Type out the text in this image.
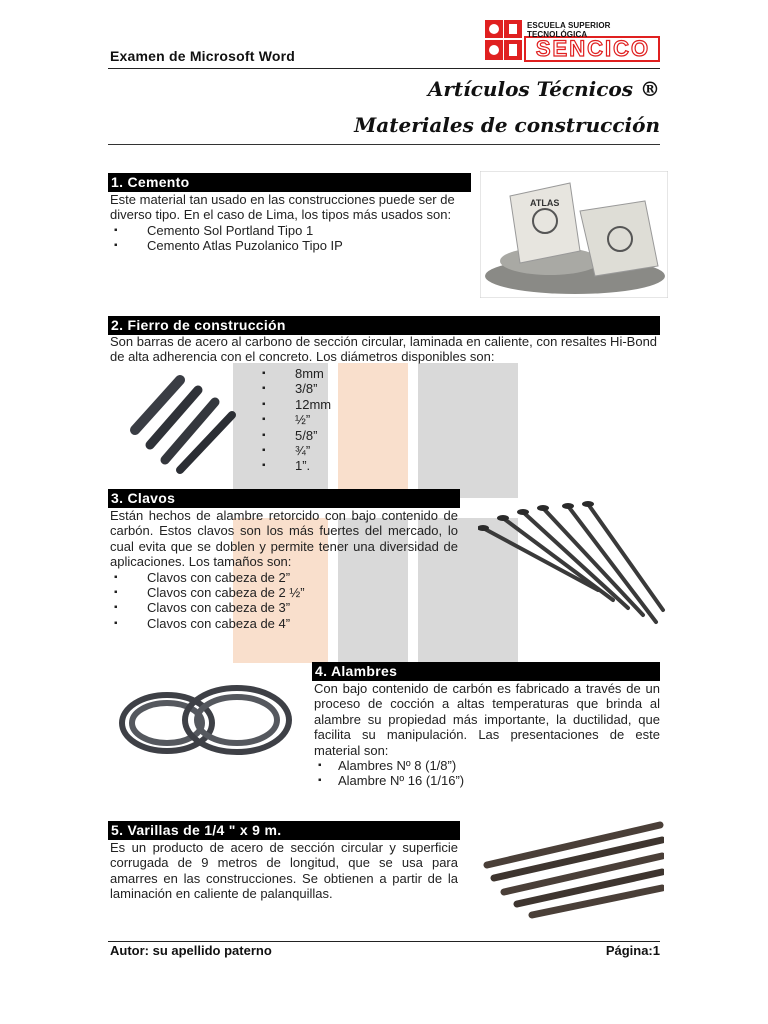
Examen de Microsoft Word
ESCUELA SUPERIOR TECNOLÓGICA
SENCICO
Artículos Técnicos ®
Materiales de construcción
1. Cemento

Este material tan usado en las construcciones puede ser de diverso tipo. En el caso de Lima, los tipos más usados son:

▪ Cemento Sol Portland Tipo 1
▪ Cemento Atlas Puzolanico Tipo IP
ATLAS
2. Fierro de construcción

Son barras de acero al carbono de sección circular, laminada en caliente, con resaltes Hi-Bond de alta adherencia con el concreto. Los diámetros disponibles son:

▪ 8mm
▪ 3/8”
▪ 12mm
▪ ½”
▪ 5/8”
▪ ¾”
▪ 1”.
3. Clavos

Están hechos de alambre retorcido con bajo contenido de carbón. Estos clavos son los más fuertes del mercado, lo cual evita que se doblen y permite tener una diversidad de aplicaciones. Los tamaños son:

▪ Clavos con cabeza de 2”
▪ Clavos con cabeza de 2 ½”
▪ Clavos con cabeza de 3”
▪ Clavos con cabeza de 4”
4. Alambres

Con bajo contenido de carbón es fabricado a través de un proceso de cocción a altas temperaturas que brinda al alambre su propiedad más importante, la ductilidad, que facilita su manipulación. Las presentaciones de este material son:

▪ Alambres Nº 8 (1/8”)
▪ Alambre Nº 16 (1/16”)
5. Varillas de 1/4 " x 9 m.

Es un producto de acero de sección circular y superficie corrugada de 9 metros de longitud, que se usa para amarres en las construcciones. Se obtienen a partir de la laminación en caliente de palanquillas.

Autor: su apellido paterno	Página:1
